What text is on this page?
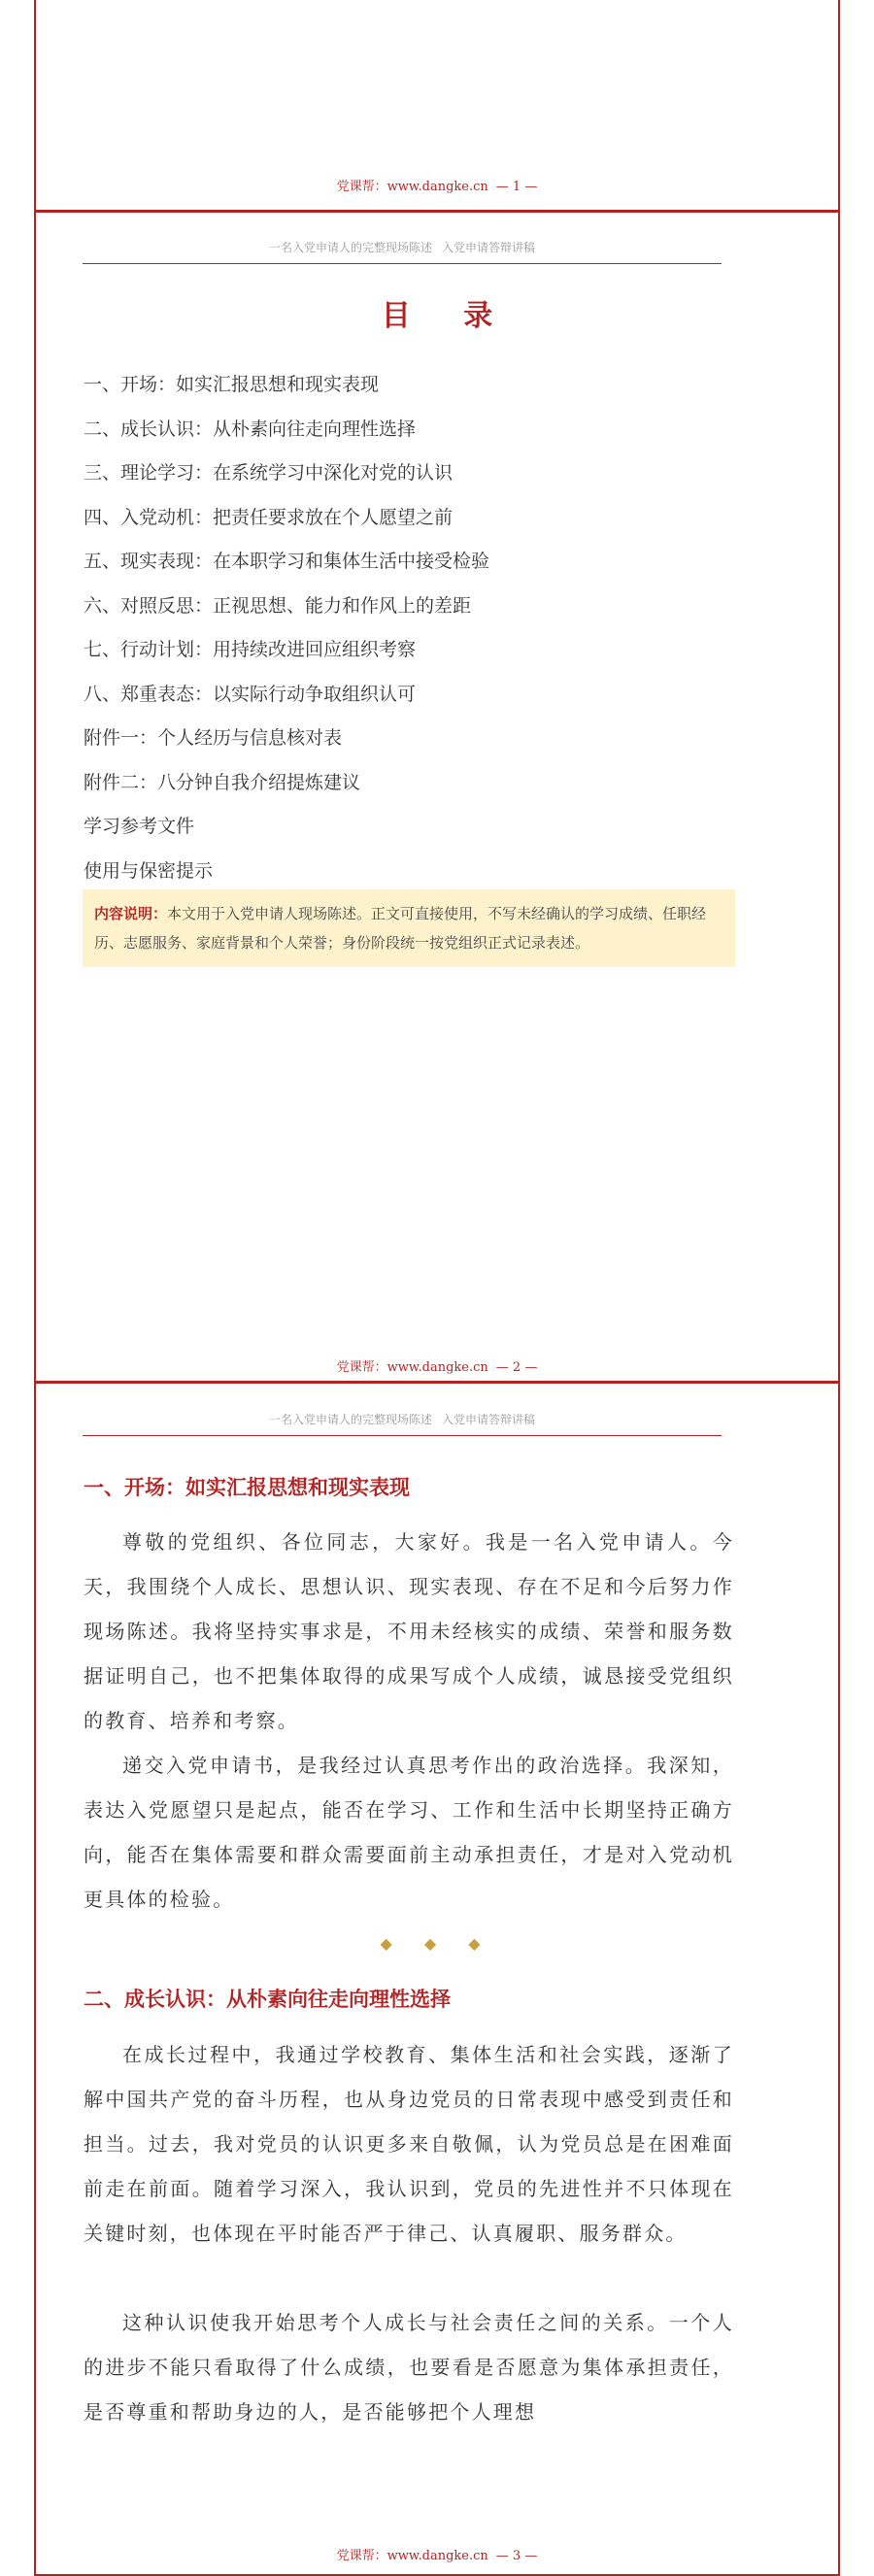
党课帮：www.dangke.cn — 1 —
党课帮：www.dangke.cn — 2 —
一名入党申请人的完整现场陈述 入党申请答辩讲稿
目 录
一、开场：如实汇报思想和现实表现
二、成长认识：从朴素向往走向理性选择
三、理论学习：在系统学习中深化对党的认识
四、入党动机：把责任要求放在个人愿望之前
五、现实表现：在本职学习和集体生活中接受检验
六、对照反思：正视思想、能力和作风上的差距
七、行动计划：用持续改进回应组织考察
八、郑重表态：以实际行动争取组织认可
附件一：个人经历与信息核对表
附件二：八分钟自我介绍提炼建议
学习参考文件
使用与保密提示
内容说明：本文用于入党申请人现场陈述。正文可直接使用，不写未经确认的学习成绩、任职经历、志愿服务、家庭背景和个人荣誉；身份阶段统一按党组织正式记录表述。
党课帮：www.dangke.cn — 3 —
一名入党申请人的完整现场陈述 入党申请答辩讲稿
一、开场：如实汇报思想和现实表现

尊敬的党组织、各位同志，大家好。我是一名入党申请人。今天，我围绕个人成长、思想认识、现实表现、存在不足和今后努力作现场陈述。我将坚持实事求是，不用未经核实的成绩、荣誉和服务数据证明自己，也不把集体取得的成果写成个人成绩，诚恳接受党组织的教育、培养和考察。

递交入党申请书，是我经过认真思考作出的政治选择。我深知，表达入党愿望只是起点，能否在学习、工作和生活中长期坚持正确方向，能否在集体需要和群众需要面前主动承担责任，才是对入党动机更具体的检验。

◆ ◆ ◆
二、成长认识：从朴素向往走向理性选择

在成长过程中，我通过学校教育、集体生活和社会实践，逐渐了解中国共产党的奋斗历程，也从身边党员的日常表现中感受到责任和担当。过去，我对党员的认识更多来自敬佩，认为党员总是在困难面前走在前面。随着学习深入，我认识到，党员的先进性并不只体现在关键时刻，也体现在平时能否严于律己、认真履职、服务群众。

这种认识使我开始思考个人成长与社会责任之间的关系。一个人的进步不能只看取得了什么成绩，也要看是否愿意为集体承担责任，是否尊重和帮助身边的人，是否能够把个人理想
